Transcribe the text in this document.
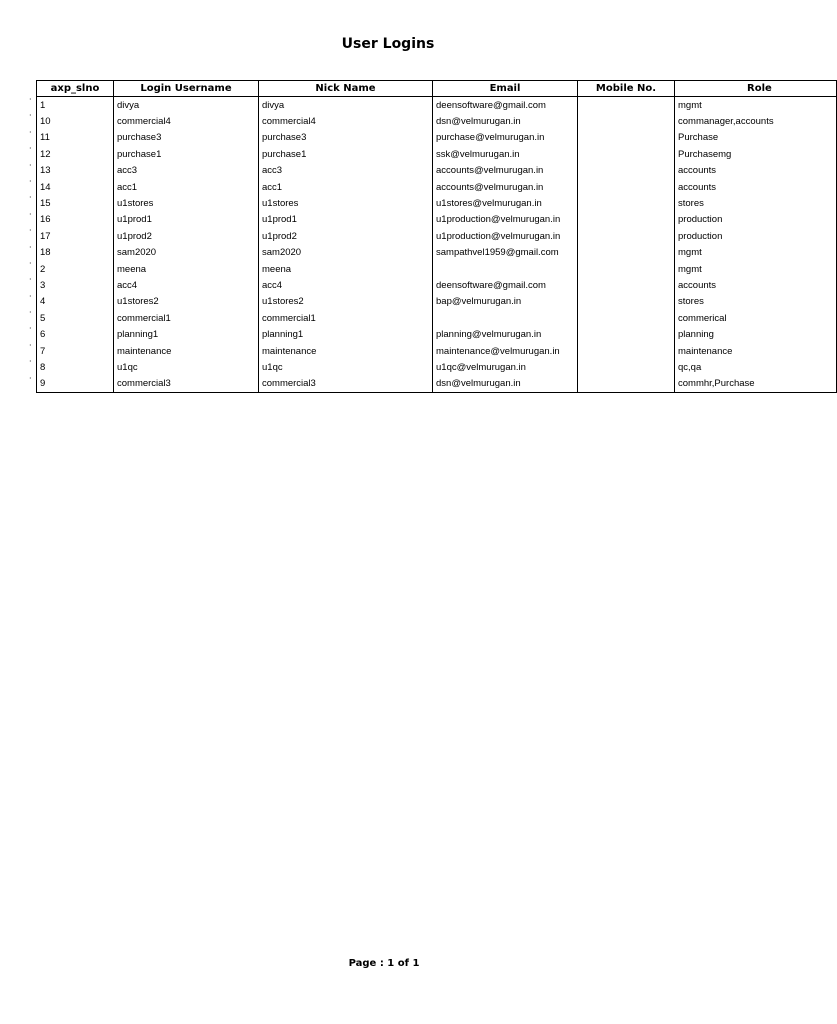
User Logins
·
·
·
·
·
·
·
·
·
·
·
·
·
·
·
·
·
·
axp_slno	Login Username	Nick Name	Email	Mobile No.	Role
1	divya	divya	deensoftware@gmail.com		mgmt
10	commercial4	commercial4	dsn@velmurugan.in		commanager,accounts
11	purchase3	purchase3	purchase@velmurugan.in		Purchase
12	purchase1	purchase1	ssk@velmurugan.in		Purchasemg
13	acc3	acc3	accounts@velmurugan.in		accounts
14	acc1	acc1	accounts@velmurugan.in		accounts
15	u1stores	u1stores	u1stores@velmurugan.in		stores
16	u1prod1	u1prod1	u1production@velmurugan.in		production
17	u1prod2	u1prod2	u1production@velmurugan.in		production
18	sam2020	sam2020	sampathvel1959@gmail.com		mgmt
2	meena	meena			mgmt
3	acc4	acc4	deensoftware@gmail.com		accounts
4	u1stores2	u1stores2	bap@velmurugan.in		stores
5	commercial1	commercial1			commerical
6	planning1	planning1	planning@velmurugan.in		planning
7	maintenance	maintenance	maintenance@velmurugan.in		maintenance
8	u1qc	u1qc	u1qc@velmurugan.in		qc,qa
9	commercial3	commercial3	dsn@velmurugan.in		commhr,Purchase
Page : 1 of 1
